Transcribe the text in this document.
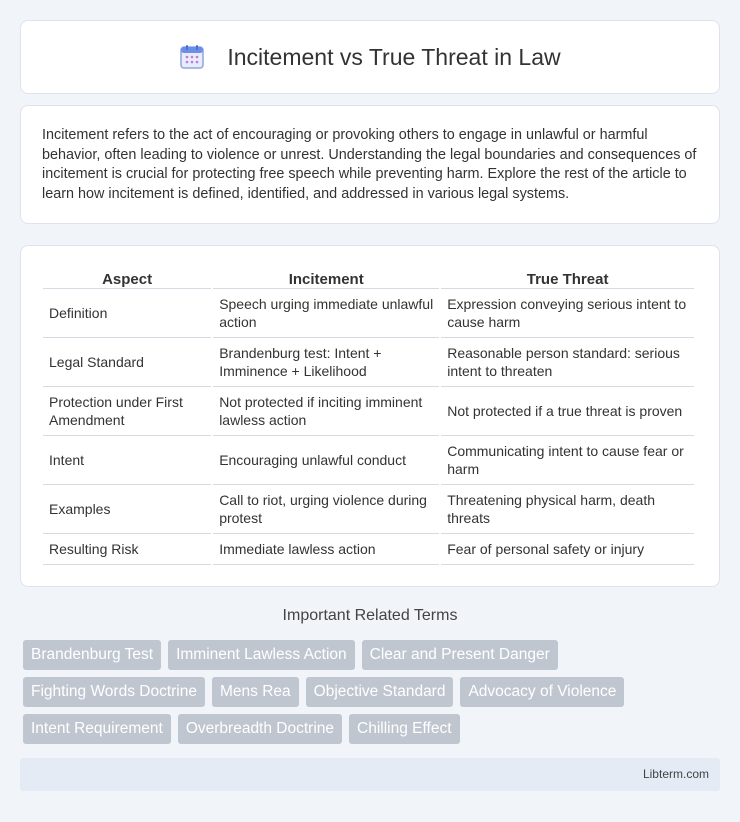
Incitement vs True Threat in Law

Incitement refers to the act of encouraging or provoking others to engage in unlawful or harmful behavior, often leading to violence or unrest. Understanding the legal boundaries and consequences of incitement is crucial for protecting free speech while preventing harm. Explore the rest of the article to learn how incitement is defined, identified, and addressed in various legal systems.

Aspect	Incitement	True Threat
Definition	Speech urging immediate unlawful action	Expression conveying serious intent to cause harm
Legal Standard	Brandenburg test: Intent + Imminence + Likelihood	Reasonable person standard: serious intent to threaten
Protection under First Amendment	Not protected if inciting imminent lawless action	Not protected if a true threat is proven
Intent	Encouraging unlawful conduct	Communicating intent to cause fear or harm
Examples	Call to riot, urging violence during protest	Threatening physical harm, death threats
Resulting Risk	Immediate lawless action	Fear of personal safety or injury
Important Related Terms
Brandenburg Test	Imminent Lawless Action	Clear and Present Danger
Fighting Words Doctrine	Mens Rea	Objective Standard	Advocacy of Violence
Intent Requirement	Overbreadth Doctrine	Chilling Effect
Libterm.com
